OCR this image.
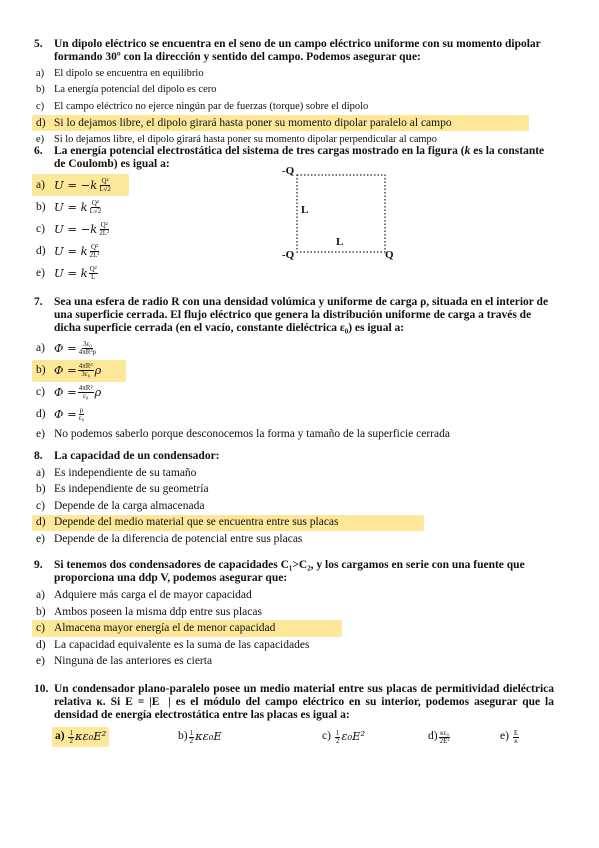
5. Un dipolo eléctrico se encuentra en el seno de un campo eléctrico uniforme con su momento dipolar formando 30º con la dirección y sentido del campo. Podemos asegurar que:
a) El dipolo se encuentra en equilibrio
b) La energía potencial del dipolo es cero
c) El campo eléctrico no ejerce ningún par de fuerzas (torque) sobre el dipolo
d) Si lo dejamos libre, el dipolo girará hasta poner su momento dipolar paralelo al campo
e) Si lo dejamos libre, el dipolo girará hasta poner su momento dipolar perpendicular al campo
6. La energía potencial electrostática del sistema de tres cargas mostrado en la figura (k es la constante de Coulomb) es igual a:
a) $U = -k \frac{\text{Q²}}{L√2}$
b) U = k $\frac{\text{Q²}}{L√2}$
c) $U = -k \frac{\text{Q²}}{\text{2L²}}$
d) U = k $\frac{\text{Q²}}{\text{2L²}}$
e) U = k $\frac{\text{Q²}}{L}$
-Q
-Q	Q
L
L
7. Sea una esfera de radio R con una densidad volúmica y uniforme de carga ρ, situada en el interior de una superficie cerrada. El flujo eléctrico que genera la distribución uniforme de carga a través de dicha superficie cerrada (en el vacío, constante dieléctrica ε₀) es igual a:
a) $\Phi = \frac{\text{3ε₀}}{\text{4πR³ρ}}$
b) $\Phi = \frac{\text{4πR³}}{\text{3ε₀}}$ ρ
c) $\Phi = \frac{\text{4πR²}}{\text{ε₀}}$ ρ
d) $\Phi = \frac{\rho}{\text{ε₀}}$
e) No podemos saberlo porque desconocemos la forma y tamaño de la superficie cerrada
8. La capacidad de un condensador:
a) Es independiente de su tamaño
b) Es independiente de su geometría
c) Depende de la carga almacenada
d) Depende del medio material que se encuentra entre sus placas
e) Depende de la diferencia de potencial entre sus placas
9. Si tenemos dos condensadores de capacidades C₁>C₂, y los cargamos en serie con una fuente que proporciona una ddp V, podemos asegurar que:
a) Adquiere más carga el de mayor capacidad
b) Ambos poseen la misma ddp entre sus placas
c) Almacena mayor energía el de menor capacidad
d) La capacidad equivalente es la suma de las capacidades
e) Ninguna de las anteriores es cierta
10. Un condensador plano-paralelo posee un medio material entre sus placas de permitividad dieléctrica relativa κ. Si E = |E⃗| es el módulo del campo eléctrico en su interior, podemos asegurar que la densidad de energía electrostática entre las placas es igual a:
a)
$\frac{1}{2} \kappa\varepsilon_0E^2$	$b) \frac{1}{2} \kappa\varepsilon_0E$	c)
$\frac{1}{2} \varepsilon_0E^2$	$d) \frac{\text{κε₀}}{\text{2E²}}$	e)
$\frac{E}{\kappa}$
